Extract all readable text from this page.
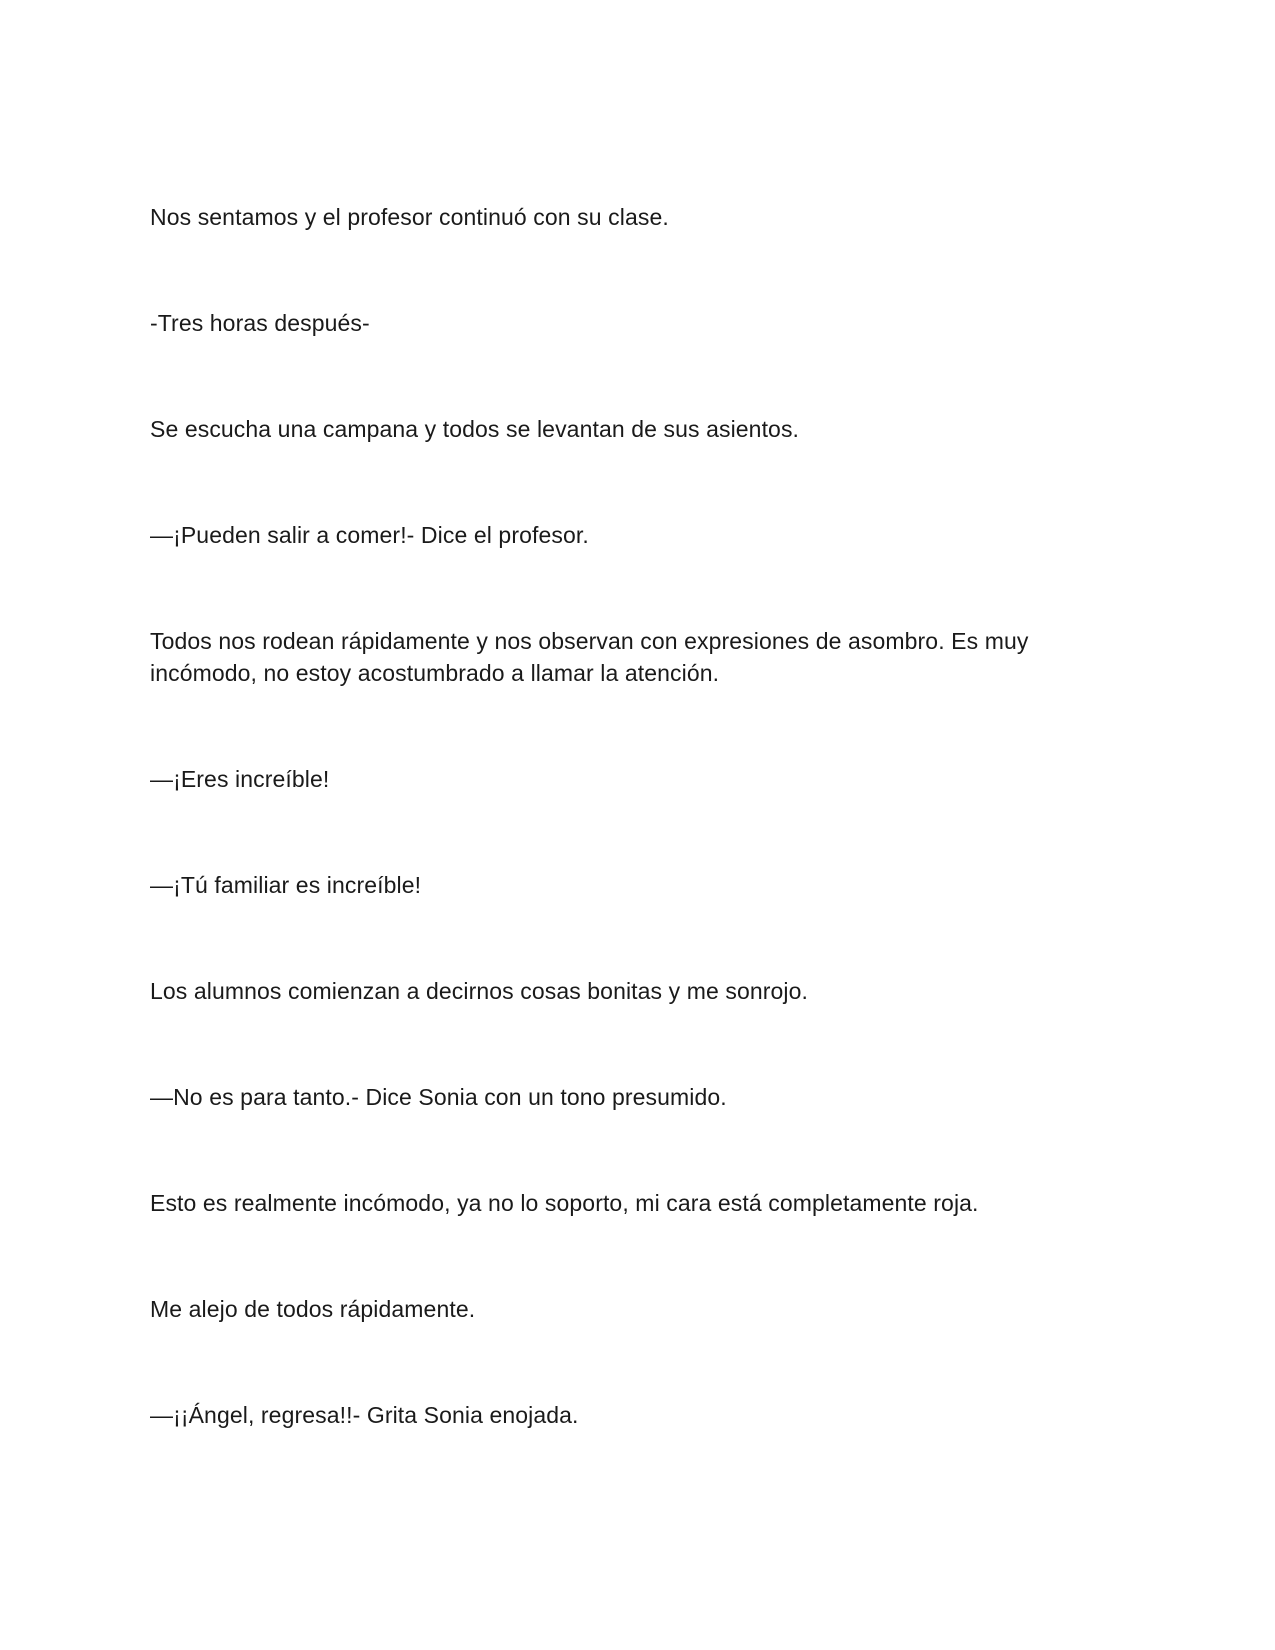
Nos sentamos y el profesor continuó con su clase.

-Tres horas después-

Se escucha una campana y todos se levantan de sus asientos.

—¡Pueden salir a comer!- Dice el profesor.

Todos nos rodean rápidamente y nos observan con expresiones de asombro. Es muy incómodo, no estoy acostumbrado a llamar la atención.

—¡Eres increíble!

—¡Tú familiar es increíble!

Los alumnos comienzan a decirnos cosas bonitas y me sonrojo.

—No es para tanto.- Dice Sonia con un tono presumido.

Esto es realmente incómodo, ya no lo soporto, mi cara está completamente roja.

Me alejo de todos rápidamente.

—¡¡Ángel, regresa!!- Grita Sonia enojada.
